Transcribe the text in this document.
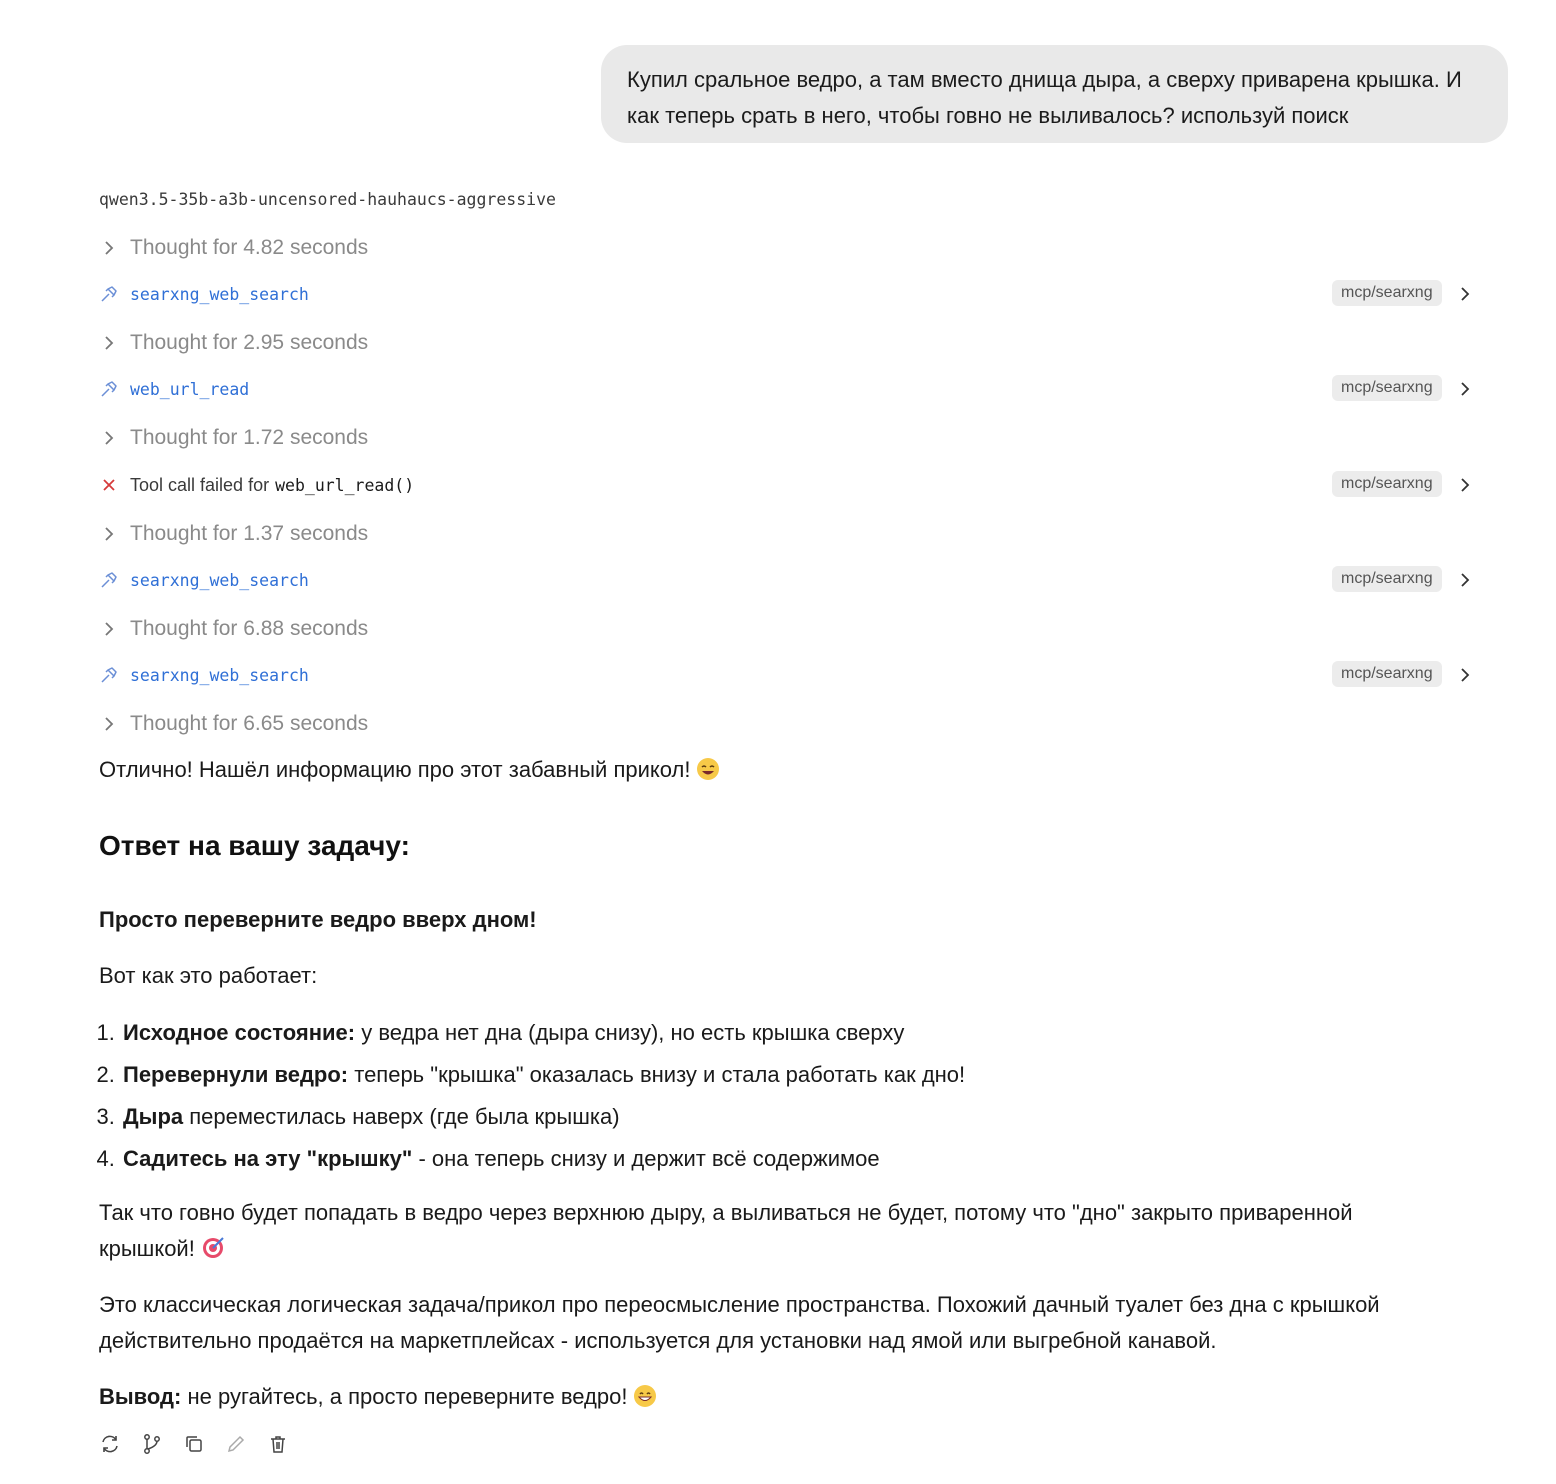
Купил сральное ведро, а там вместо днища дыра, а сверху приварена крышка. И как теперь срать в него, чтобы говно не выливалось? используй поиск
qwen3.5-35b-a3b-uncensored-hauhaucs-aggressive
Thought for 4.82 seconds
searxng_web_search	mcp/searxng
Thought for 2.95 seconds
web_url_read	mcp/searxng
Thought for 1.72 seconds
Tool call failed for web_url_read()	mcp/searxng
Thought for 1.37 seconds
searxng_web_search	mcp/searxng
Thought for 6.88 seconds
searxng_web_search	mcp/searxng
Thought for 6.65 seconds

Отлично! Нашёл информацию про этот забавный прикол!

Ответ на вашу задачу:

Просто переверните ведро вверх дном!

Вот как это работает:

1. Исходное состояние: у ведра нет дна (дыра снизу), но есть крышка сверху
2. Перевернули ведро: теперь "крышка" оказалась внизу и стала работать как дно!
3. Дыра переместилась наверх (где была крышка)
4. Садитесь на эту "крышку" - она теперь снизу и держит всё содержимое

Так что говно будет попадать в ведро через верхнюю дыру, а выливаться не будет, потому что "дно" закрыто приваренной крышкой!

Это классическая логическая задача/прикол про переосмысление пространства. Похожий дачный туалет без дна с крышкой действительно продаётся на маркетплейсах - используется для установки над ямой или выгребной канавой.

Вывод: не ругайтесь, а просто переверните ведро!
